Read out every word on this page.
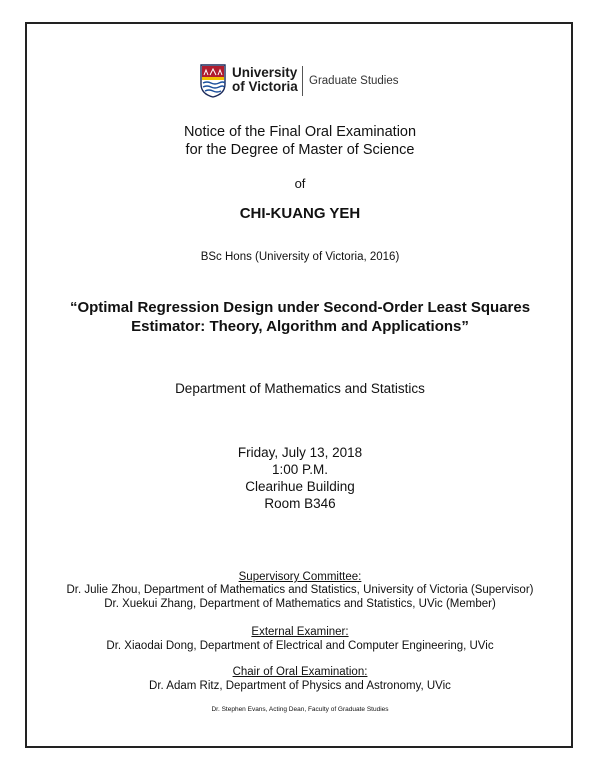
University
of Victoria Graduate Studies
Notice of the Final Oral Examination
for the Degree of Master of Science
of
CHI-KUANG YEH
BSc Hons (University of Victoria, 2016)
“Optimal Regression Design under Second-Order Least Squares
Estimator: Theory, Algorithm and Applications”
Department of Mathematics and Statistics
Friday, July 13, 2018
1:00 P.M.
Clearihue Building
Room B346
Supervisory Committee:
Dr. Julie Zhou, Department of Mathematics and Statistics, University of Victoria (Supervisor)
Dr. Xuekui Zhang, Department of Mathematics and Statistics, UVic (Member)
External Examiner:
Dr. Xiaodai Dong, Department of Electrical and Computer Engineering, UVic
Chair of Oral Examination:
Dr. Adam Ritz, Department of Physics and Astronomy, UVic
Dr. Stephen Evans, Acting Dean, Faculty of Graduate Studies
